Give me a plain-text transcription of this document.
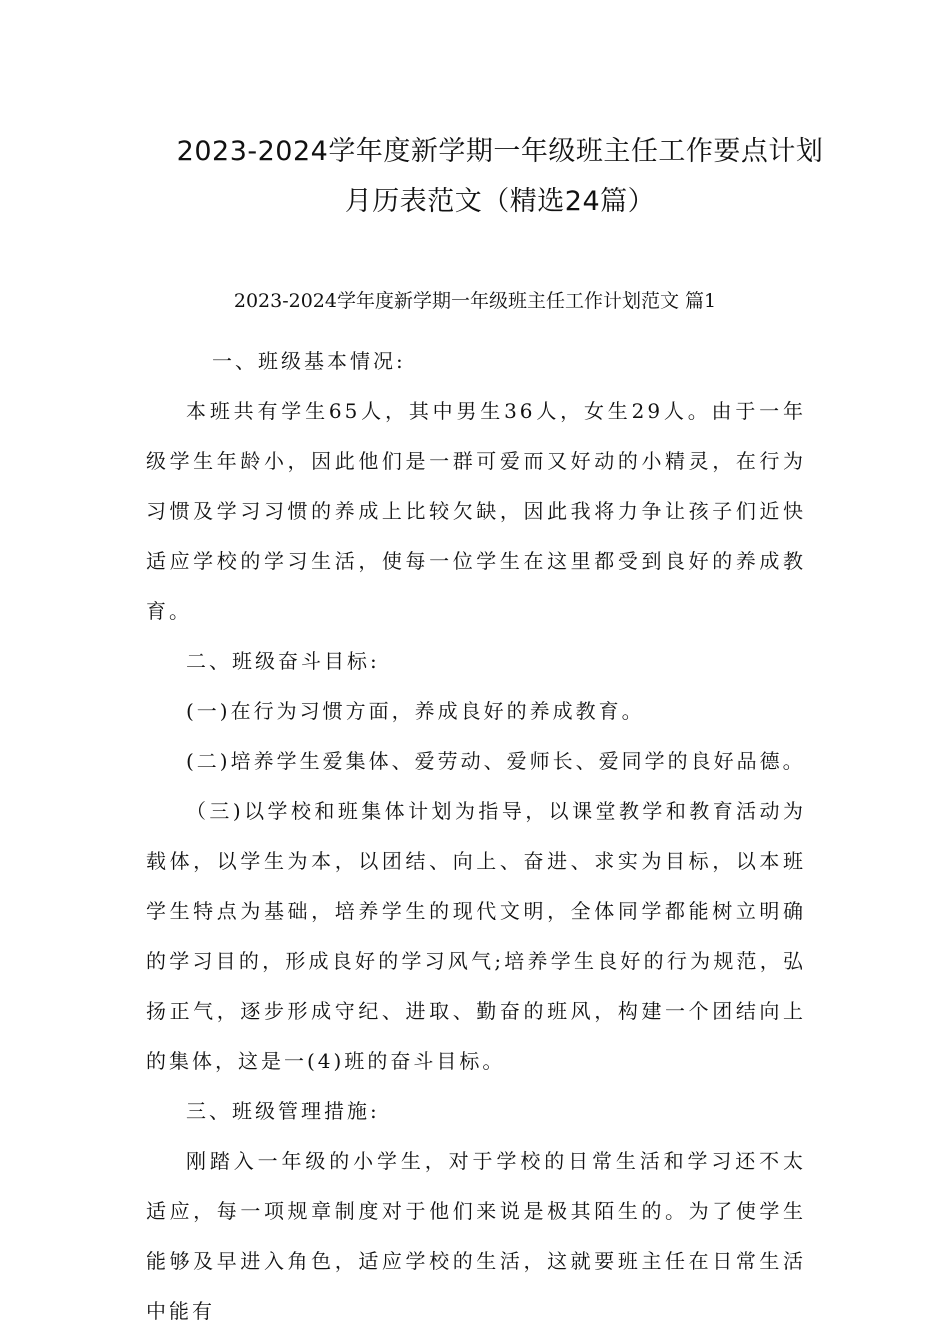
2023-2024学年度新学期一年级班主任工作要点计划
月历表范文（精选24篇）
2023-2024学年度新学期一年级班主任工作计划范文 篇1

一、班级基本情况:

本班共有学生65人，其中男生36人，女生29人。由于一年级学生年龄小，因此他们是一群可爱而又好动的小精灵，在行为习惯及学习习惯的养成上比较欠缺，因此我将力争让孩子们近快适应学校的学习生活，使每一位学生在这里都受到良好的养成教育。

二、班级奋斗目标:

(一)在行为习惯方面，养成良好的养成教育。

(二)培养学生爱集体、爱劳动、爱师长、爱同学的良好品德。

（三)以学校和班集体计划为指导，以课堂教学和教育活动为载体，以学生为本，以团结、向上、奋进、求实为目标，以本班学生特点为基础，培养学生的现代文明，全体同学都能树立明确的学习目的，形成良好的学习风气;培养学生良好的行为规范，弘扬正气，逐步形成守纪、进取、勤奋的班风，构建一个团结向上的集体，这是一(4)班的奋斗目标。

三、班级管理措施:

刚踏入一年级的小学生，对于学校的日常生活和学习还不太适应，每一项规章制度对于他们来说是极其陌生的。为了使学生能够及早进入角色，适应学校的生活，这就要班主任在日常生活中能有
